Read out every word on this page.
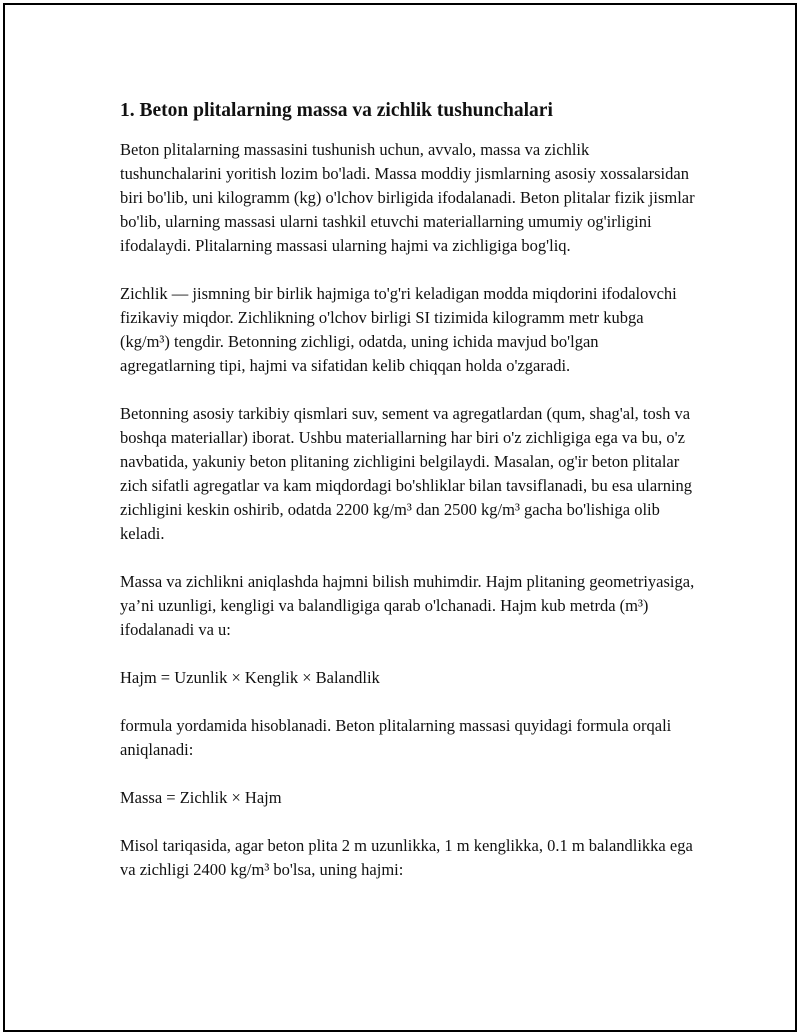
1. Beton plitalarning massa va zichlik tushunchalari

Beton plitalarning massasini tushunish uchun, avvalo, massa va zichlik tushunchalarini yoritish lozim bo'ladi. Massa moddiy jismlarning asosiy xossalarsidan biri bo'lib, uni kilogramm (kg) o'lchov birligida ifodalanadi. Beton plitalar fizik jismlar bo'lib, ularning massasi ularni tashkil etuvchi materiallarning umumiy og'irligini ifodalaydi. Plitalarning massasi ularning hajmi va zichligiga bog'liq.

Zichlik — jismning bir birlik hajmiga to'g'ri keladigan modda miqdorini ifodalovchi fizikaviy miqdor. Zichlikning o'lchov birligi SI tizimida kilogramm metr kubga (kg/m³) tengdir. Betonning zichligi, odatda, uning ichida mavjud bo'lgan agregatlarning tipi, hajmi va sifatidan kelib chiqqan holda o'zgaradi.

Betonning asosiy tarkibiy qismlari suv, sement va agregatlardan (qum, shag'al, tosh va boshqa materiallar) iborat. Ushbu materiallarning har biri o'z zichligiga ega va bu, o'z navbatida, yakuniy beton plitaning zichligini belgilaydi. Masalan, og'ir beton plitalar zich sifatli agregatlar va kam miqdordagi bo'shliklar bilan tavsiflanadi, bu esa ularning zichligini keskin oshirib, odatda 2200 kg/m³ dan 2500 kg/m³ gacha bo'lishiga olib keladi.

Massa va zichlikni aniqlashda hajmni bilish muhimdir. Hajm plitaning geometriyasiga, ya’ni uzunligi, kengligi va balandligiga qarab o'lchanadi. Hajm kub metrda (m³) ifodalanadi va u:

Hajm = Uzunlik × Kenglik × Balandlik

formula yordamida hisoblanadi. Beton plitalarning massasi quyidagi formula orqali aniqlanadi:

Massa = Zichlik × Hajm

Misol tariqasida, agar beton plita 2 m uzunlikka, 1 m kenglikka, 0.1 m balandlikka ega va zichligi 2400 kg/m³ bo'lsa, uning hajmi:
